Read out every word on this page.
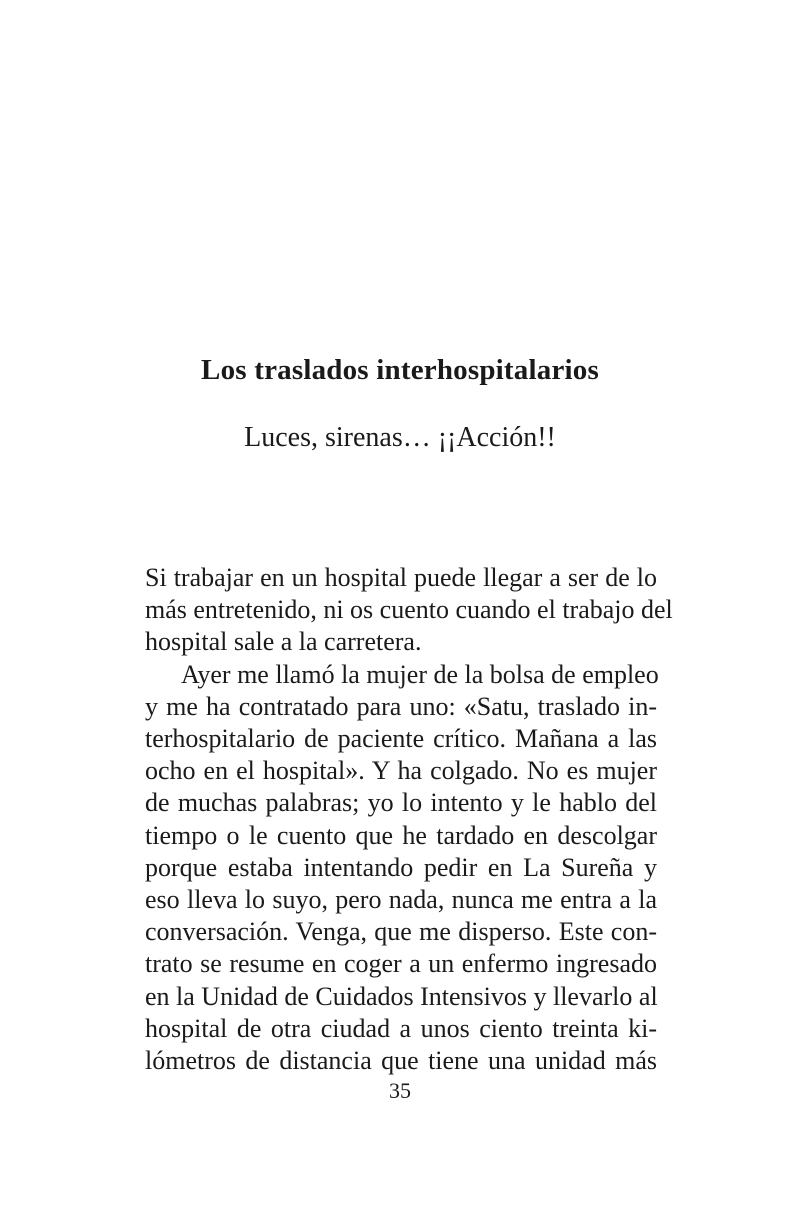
Los traslados interhospitalarios
Luces, sirenas… ¡¡Acción!!

Si trabajar en un hospital puede llegar a ser de lo
más entretenido, ni os cuento cuando el trabajo del
hospital sale a la carretera.

Ayer me llamó la mujer de la bolsa de empleo
y me ha contratado para uno: «Satu, traslado in-
terhospitalario de paciente crítico. Mañana a las
ocho en el hospital». Y ha colgado. No es mujer
de muchas palabras; yo lo intento y le hablo del
tiempo o le cuento que he tardado en descolgar
porque estaba intentando pedir en La Sureña y
eso lleva lo suyo, pero nada, nunca me entra a la
conversación. Venga, que me disperso. Este con-
trato se resume en coger a un enfermo ingresado
en la Unidad de Cuidados Intensivos y llevarlo al
hospital de otra ciudad a unos ciento treinta ki-
lómetros de distancia que tiene una unidad más

35
